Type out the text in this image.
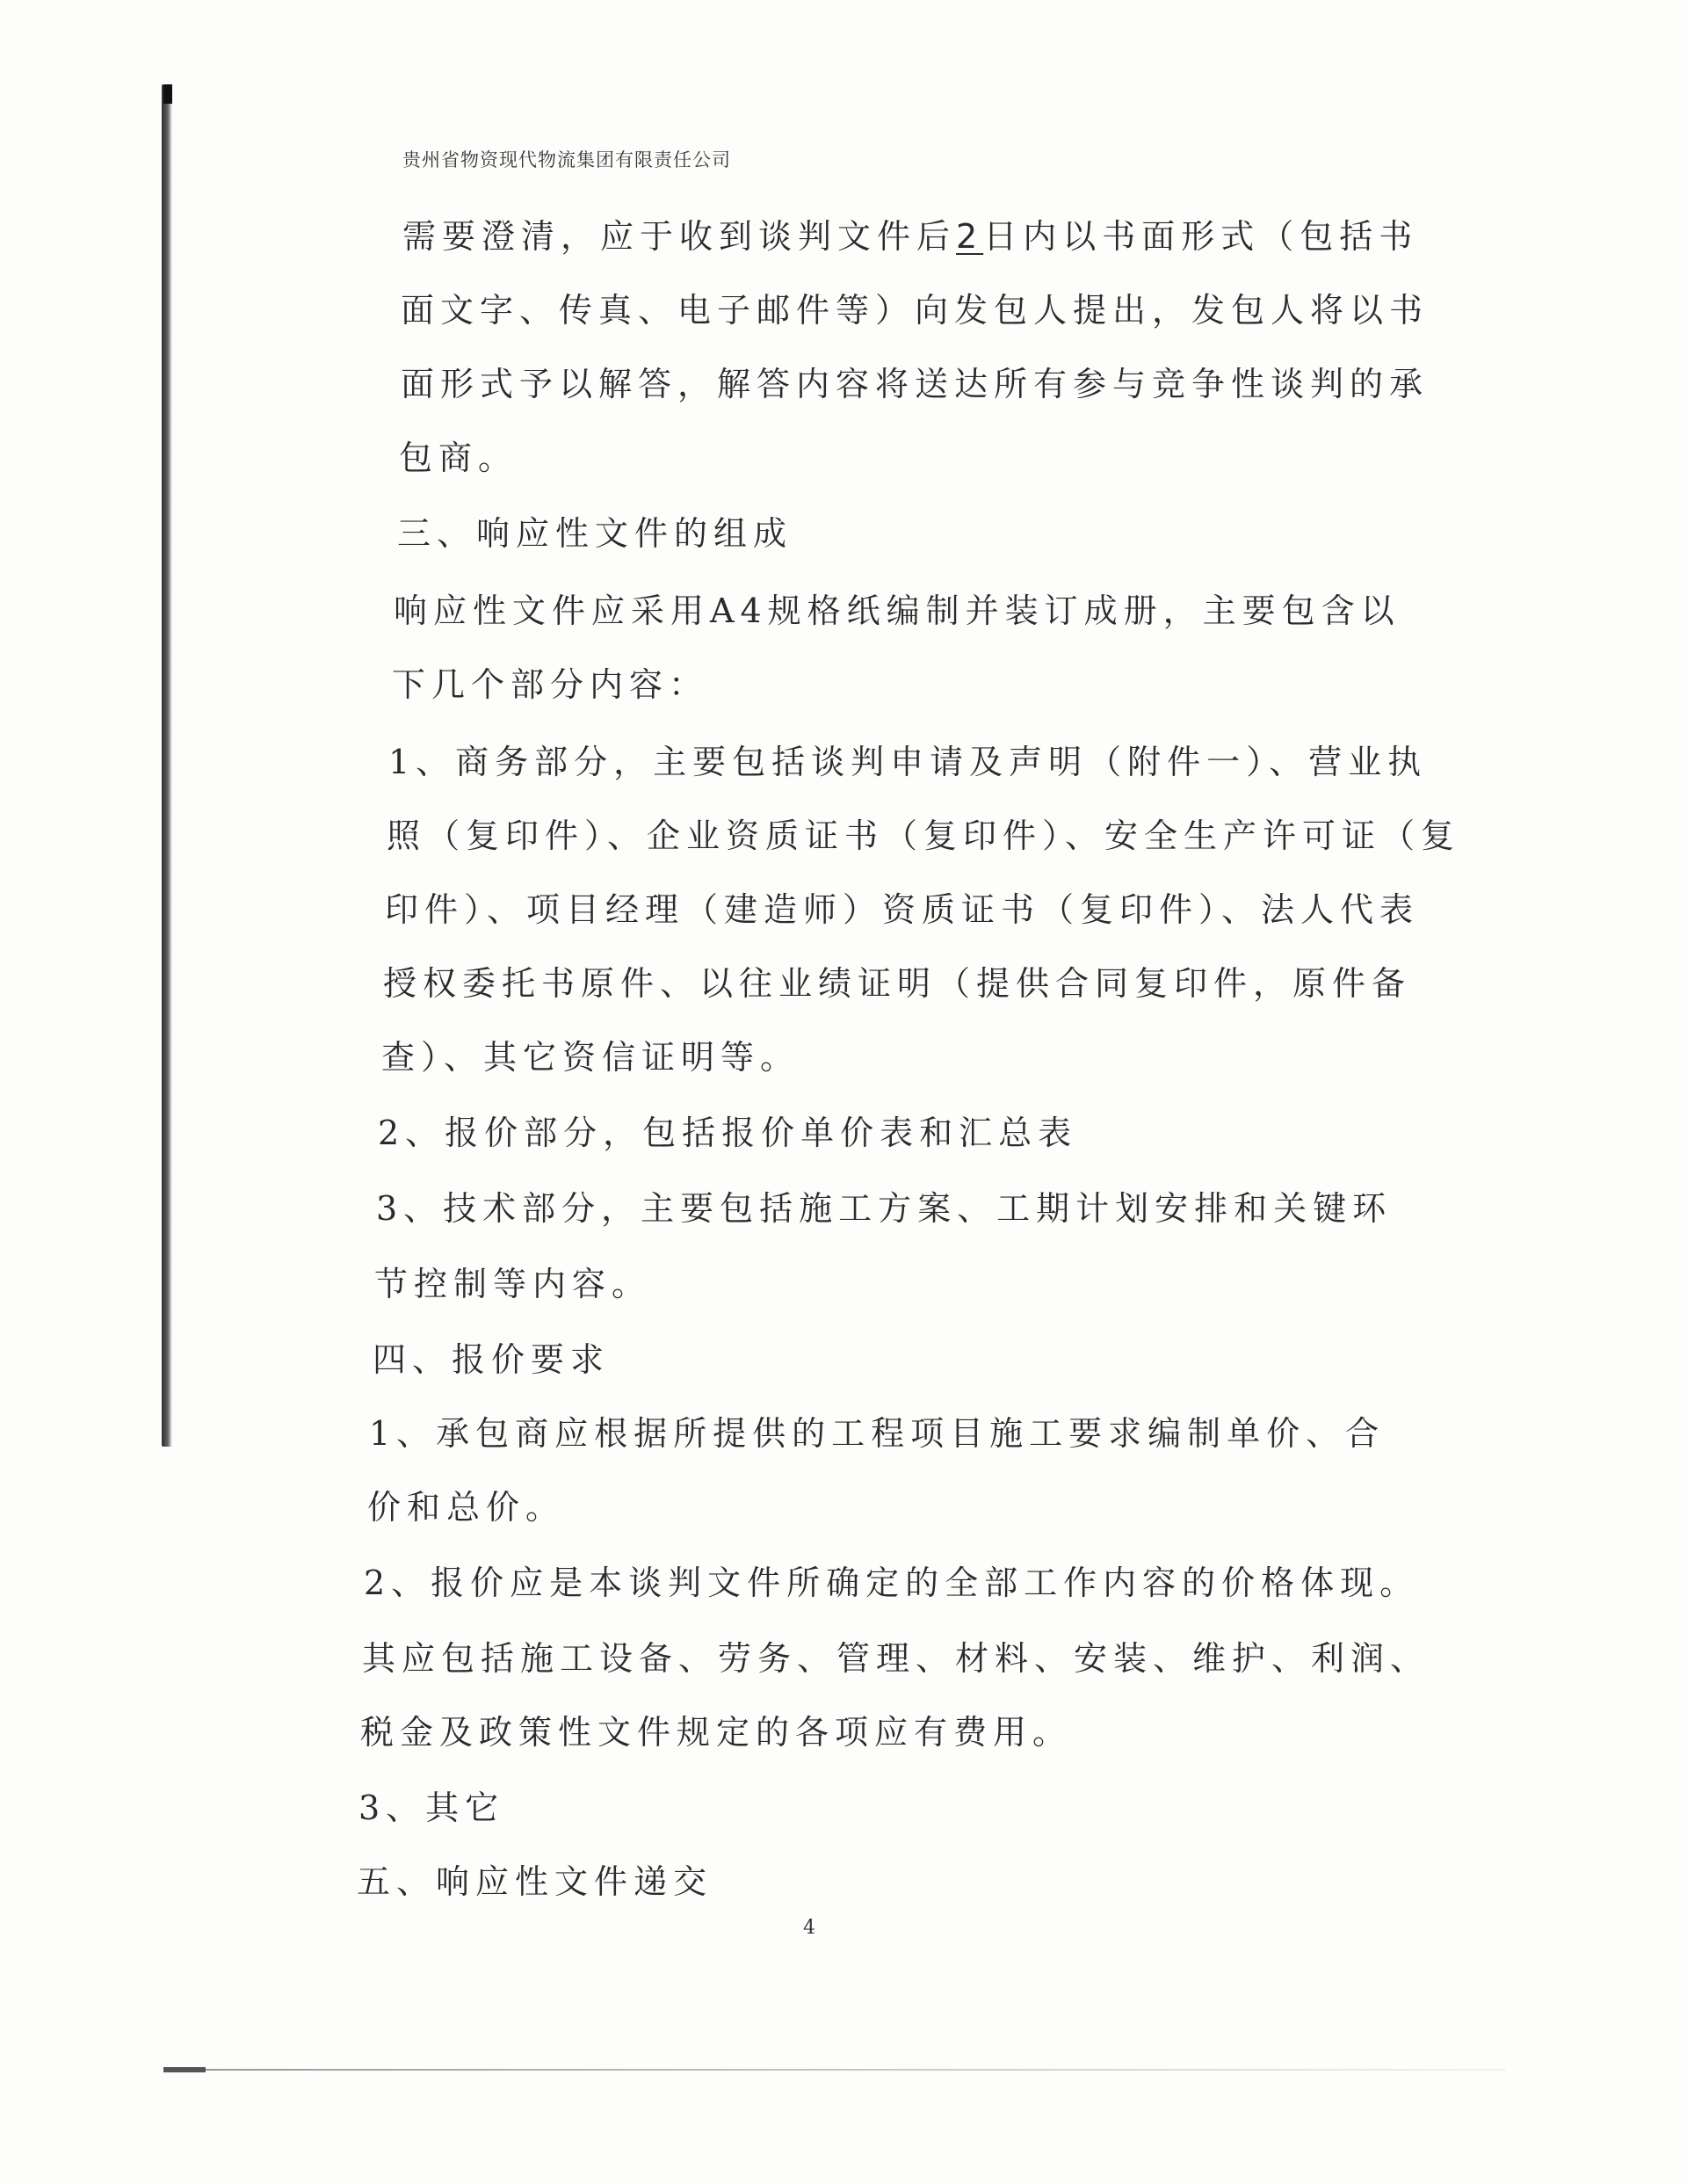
贵州省物资现代物流集团有限责任公司
需要澄清，应于收到谈判文件后2日内以书面形式（包括书
面文字、传真、电子邮件等）向发包人提出，发包人将以书
面形式予以解答，解答内容将送达所有参与竞争性谈判的承
包商。
三、响应性文件的组成
响应性文件应采用A4规格纸编制并装订成册，主要包含以
下几个部分内容：
1、商务部分，主要包括谈判申请及声明（附件一）、营业执
照（复印件）、企业资质证书（复印件）、安全生产许可证（复
印件）、项目经理（建造师）资质证书（复印件）、法人代表
授权委托书原件、以往业绩证明（提供合同复印件，原件备
查）、其它资信证明等。
2、报价部分，包括报价单价表和汇总表
3、技术部分，主要包括施工方案、工期计划安排和关键环
节控制等内容。
四、报价要求
1、承包商应根据所提供的工程项目施工要求编制单价、合
价和总价。
2、报价应是本谈判文件所确定的全部工作内容的价格体现。
其应包括施工设备、劳务、管理、材料、安装、维护、利润、
税金及政策性文件规定的各项应有费用。
3、其它
五、响应性文件递交
4
